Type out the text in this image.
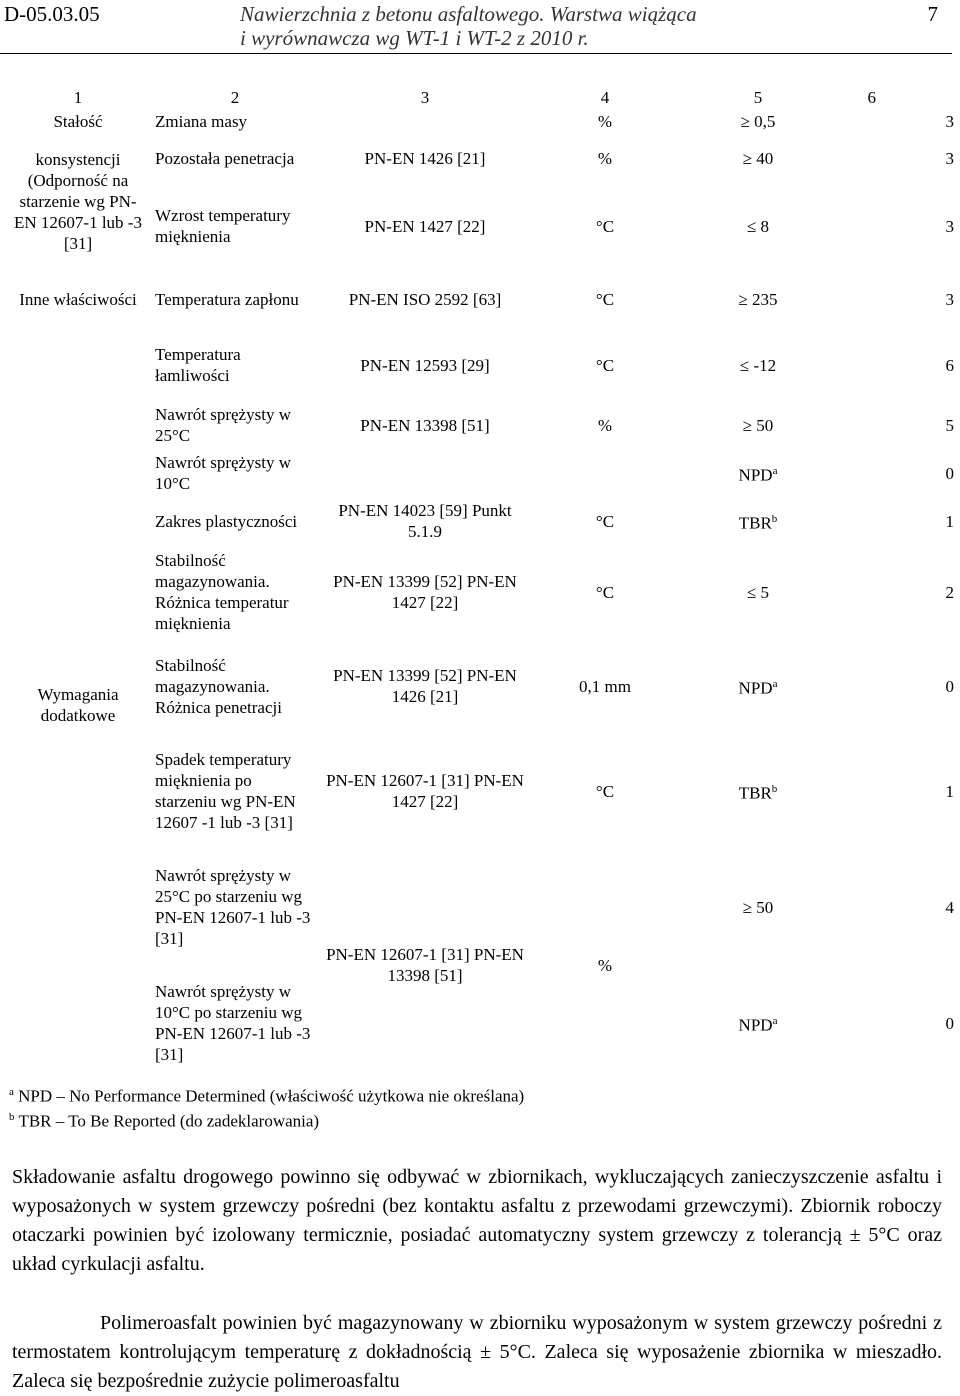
D-05.03.05	Nawierzchnia z betonu asfaltowego. Warstwa wiążąca
i wyrównawcza wg WT-1 i WT-2 z 2010 r.
7
1	2	3	4	5	6
Stałość	Zmiana masy		%	≥ 0,5	3
konsystencji (Odporność na starzenie wg PN-EN 12607-1 lub -3 [31]	Pozostała penetracja	PN-EN 1426 [21]	%	≥ 40	3
	Wzrost temperatury mięknienia	PN-EN 1427 [22]	°C	≤ 8	3
Inne właściwości	Temperatura zapłonu	PN-EN ISO 2592 [63]	°C	≥ 235	3
Wymagania dodatkowe	Temperatura łamliwości	PN-EN 12593 [29]	°C	≤ -12	6
	Nawrót sprężysty w 25°C	PN-EN 13398 [51]	%	≥ 50	5
	Nawrót sprężysty w 10°C			NPD$^a$	0
	Zakres plastyczności	PN-EN 14023 [59] Punkt 5.1.9	°C	TBR$^b$	1
	Stabilność magazynowania. Różnica temperatur mięknienia	PN-EN 13399 [52] PN-EN 1427 [22]	°C	≤ 5	2
	Stabilność magazynowania. Różnica penetracji	PN-EN 13399 [52] PN-EN 1426 [21]	0,1 mm	NPD$^a$	0
	Spadek temperatury mięknienia po starzeniu wg PN-EN 12607 -1 lub -3 [31]	PN-EN 12607-1 [31] PN-EN 1427 [22]	°C	TBR$^b$	1
	Nawrót sprężysty w 25°C po starzeniu wg PN-EN 12607-1 lub -3 [31]	PN-EN 12607-1 [31] PN-EN 13398 [51]	%	≥ 50	4
	Nawrót sprężysty w 10°C po starzeniu wg PN-EN 12607-1 lub -3 [31]			NPD$^a$	0

$^a$ NPD – No Performance Determined (właściwość użytkowa nie określana)
$^b$ TBR – To Be Reported (do zadeklarowania)					
Składowanie asfaltu drogowego powinno się odbywać w zbiornikach, wykluczających zanieczyszczenie asfaltu i wyposażonych w system grzewczy pośredni (bez kontaktu asfaltu z przewodami grzewczymi). Zbiornik roboczy otaczarki powinien być izolowany termicznie, posiadać automatyczny system grzewczy z tolerancją ± 5°C oraz układ cyrkulacji asfaltu.
Polimeroasfalt powinien być magazynowany w zbiorniku wyposażonym w system grzewczy pośredni z termostatem kontrolującym temperaturę z dokładnością ± 5°C. Zaleca się wyposażenie zbiornika w mieszadło. Zaleca się bezpośrednie zużycie polimeroasfaltu
